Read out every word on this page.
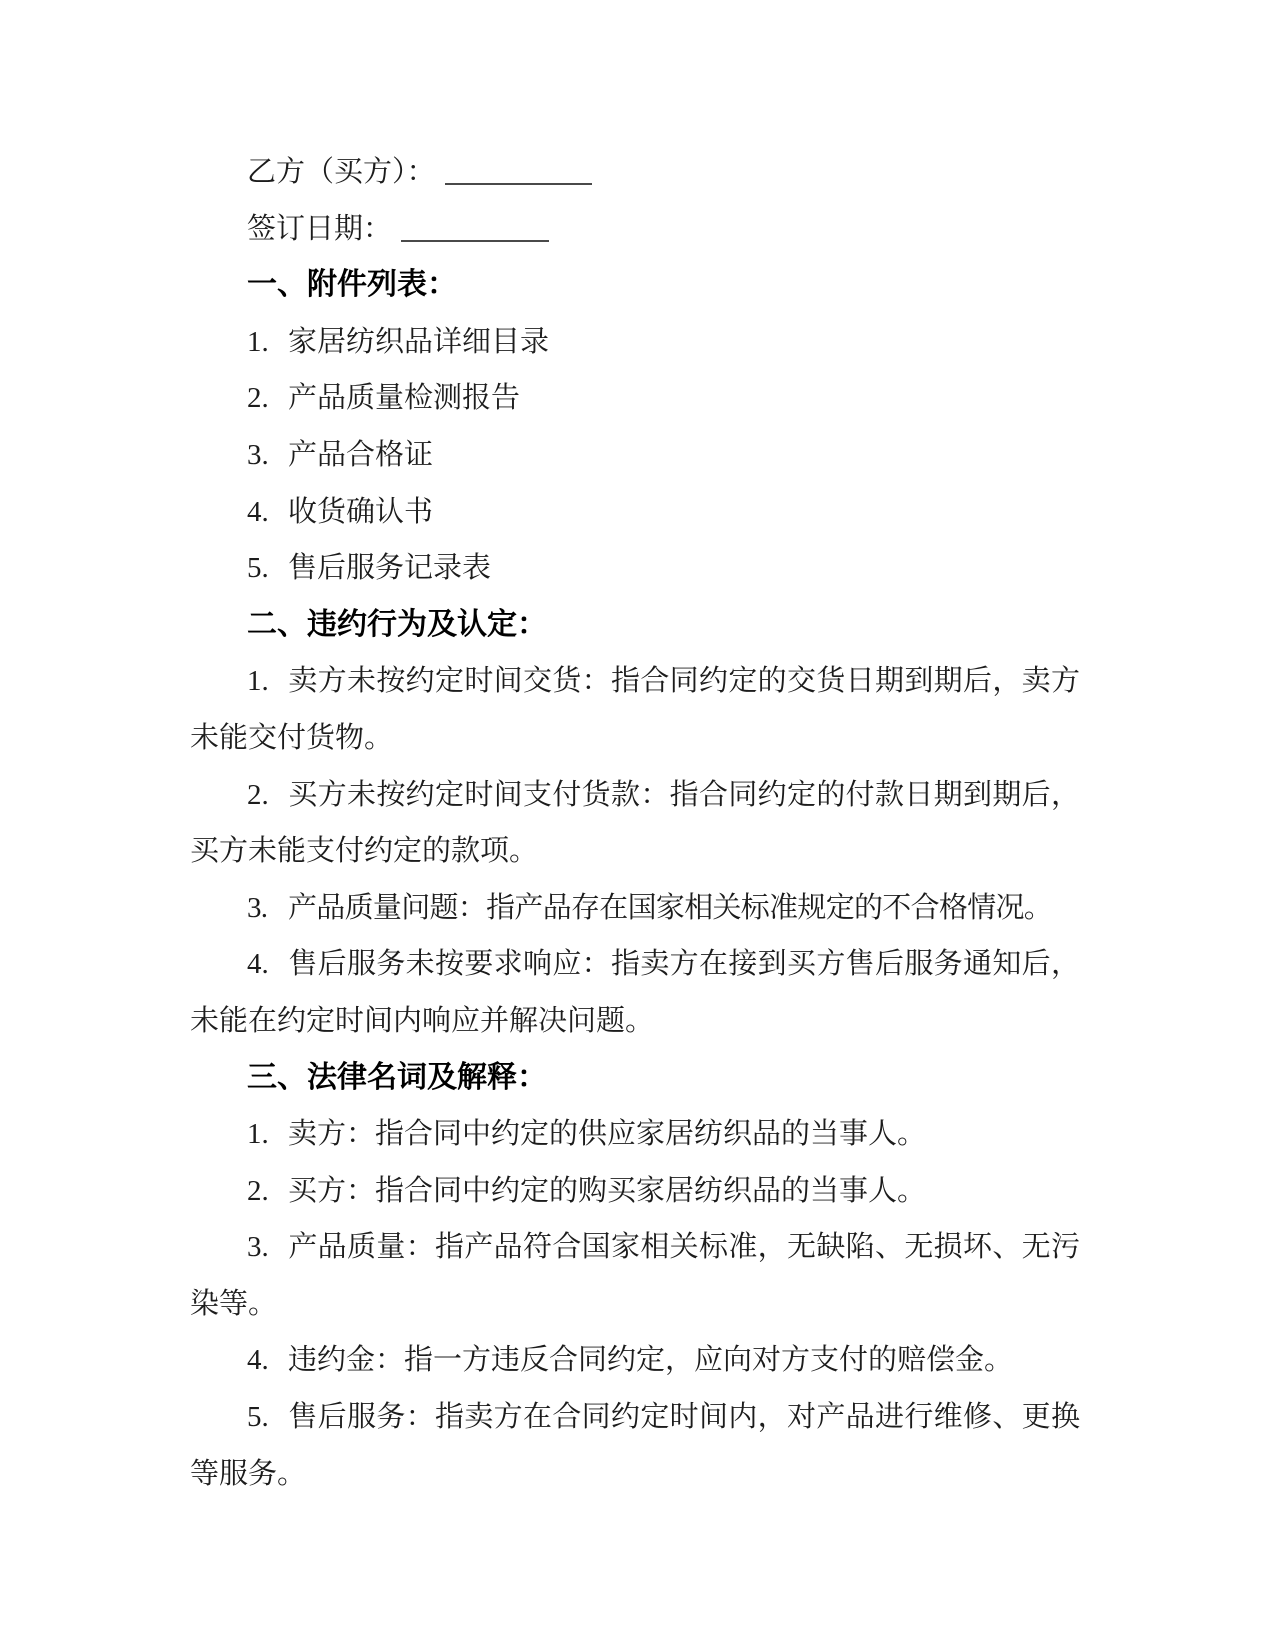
乙方（买方）：
签订日期：
一、附件列表：
1. 家居纺织品详细目录
2. 产品质量检测报告
3. 产品合格证
4. 收货确认书
5. 售后服务记录表
二、违约行为及认定：
1. 卖方未按约定时间交货：指合同约定的交货日期到期后，卖方
未能交付货物。
2. 买方未按约定时间支付货款：指合同约定的付款日期到期后，
买方未能支付约定的款项。
3. 产品质量问题：指产品存在国家相关标准规定的不合格情况。
4. 售后服务未按要求响应：指卖方在接到买方售后服务通知后，
未能在约定时间内响应并解决问题。
三、法律名词及解释：
1. 卖方：指合同中约定的供应家居纺织品的当事人。
2. 买方：指合同中约定的购买家居纺织品的当事人。
3. 产品质量：指产品符合国家相关标准，无缺陷、无损坏、无污
染等。
4. 违约金：指一方违反合同约定，应向对方支付的赔偿金。
5. 售后服务：指卖方在合同约定时间内，对产品进行维修、更换
等服务。
